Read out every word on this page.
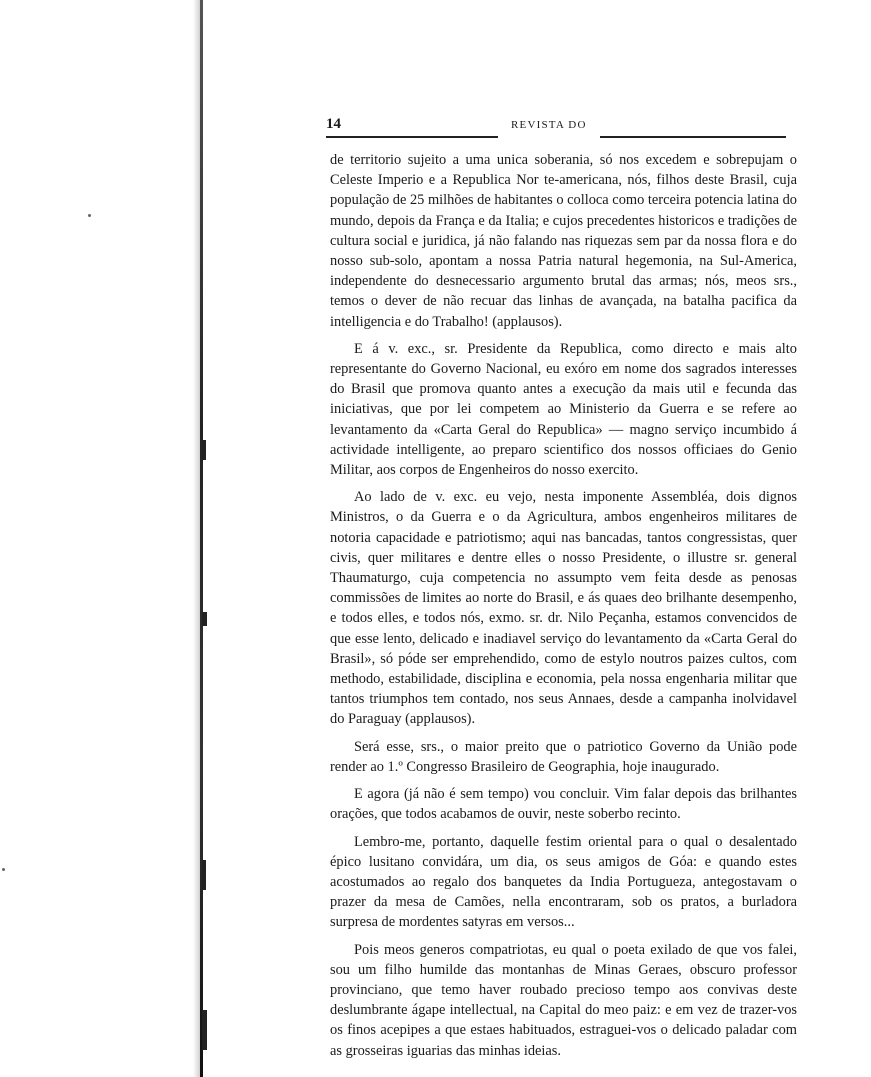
14	REVISTA DO

de territorio sujeito a uma unica soberania, só nos excedem e sobrepujam o Celeste Imperio e a Republica Nor te-americana, nós, filhos deste Brasil, cuja população de 25 milhões de habitantes o colloca como terceira potencia latina do mundo, depois da França e da Italia; e cujos precedentes historicos e tradições de cultura social e juridica, já não falando nas riquezas sem par da nossa flora e do nosso sub-solo, apontam a nossa Patria natural hegemonia, na Sul-America, independente do desnecessario argumento brutal das armas; nós, meos srs., temos o dever de não recuar das linhas de avançada, na batalha pacifica da intelligencia e do Trabalho! (applausos).

E á v. exc., sr. Presidente da Republica, como directo e mais alto representante do Governo Nacional, eu exóro em nome dos sagrados interesses do Brasil que promova quanto antes a execução da mais util e fecunda das iniciativas, que por lei competem ao Ministerio da Guerra e se refere ao levantamento da «Carta Geral do Republica» — magno serviço incumbido á actividade intelligente, ao preparo scientifico dos nossos officiaes do Genio Militar, aos corpos de Engenheiros do nosso exercito.

Ao lado de v. exc. eu vejo, nesta imponente Assembléa, dois dignos Ministros, o da Guerra e o da Agricultura, ambos engenheiros militares de notoria capacidade e patriotismo; aqui nas bancadas, tantos congressistas, quer civis, quer militares e dentre elles o nosso Presidente, o illustre sr. general Thaumaturgo, cuja competencia no assumpto vem feita desde as penosas commissões de limites ao norte do Brasil, e ás quaes deo brilhante desempenho, e todos elles, e todos nós, exmo. sr. dr. Nilo Peçanha, estamos convencidos de que esse lento, delicado e inadiavel serviço do levantamento da «Carta Geral do Brasil», só póde ser emprehendido, como de estylo noutros paizes cultos, com methodo, estabilidade, disciplina e economia, pela nossa engenharia militar que tantos triumphos tem contado, nos seus Annaes, desde a campanha inolvidavel do Paraguay (applausos).

Será esse, srs., o maior preito que o patriotico Governo da União pode render ao 1.º Congresso Brasileiro de Geographia, hoje inaugurado.

E agora (já não é sem tempo) vou concluir. Vim falar depois das brilhantes orações, que todos acabamos de ouvir, neste soberbo recinto.

Lembro-me, portanto, daquelle festim oriental para o qual o desalentado épico lusitano convidára, um dia, os seus amigos de Góa: e quando estes acostumados ao regalo dos banquetes da India Portugueza, antegostavam o prazer da mesa de Camões, nella encontraram, sob os pratos, a burladora surpresa de mordentes satyras em versos...

Pois meos generos compatriotas, eu qual o poeta exilado de que vos falei, sou um filho humilde das montanhas de Minas Geraes, obscuro professor provinciano, que temo haver roubado precioso tempo aos convivas deste deslumbrante ágape intellectual, na Capital do meo paiz: e em vez de trazer-vos os finos acepipes a que estaes habituados, estraguei-vos o delicado paladar com as grosseiras iguarias das minhas ideias.
